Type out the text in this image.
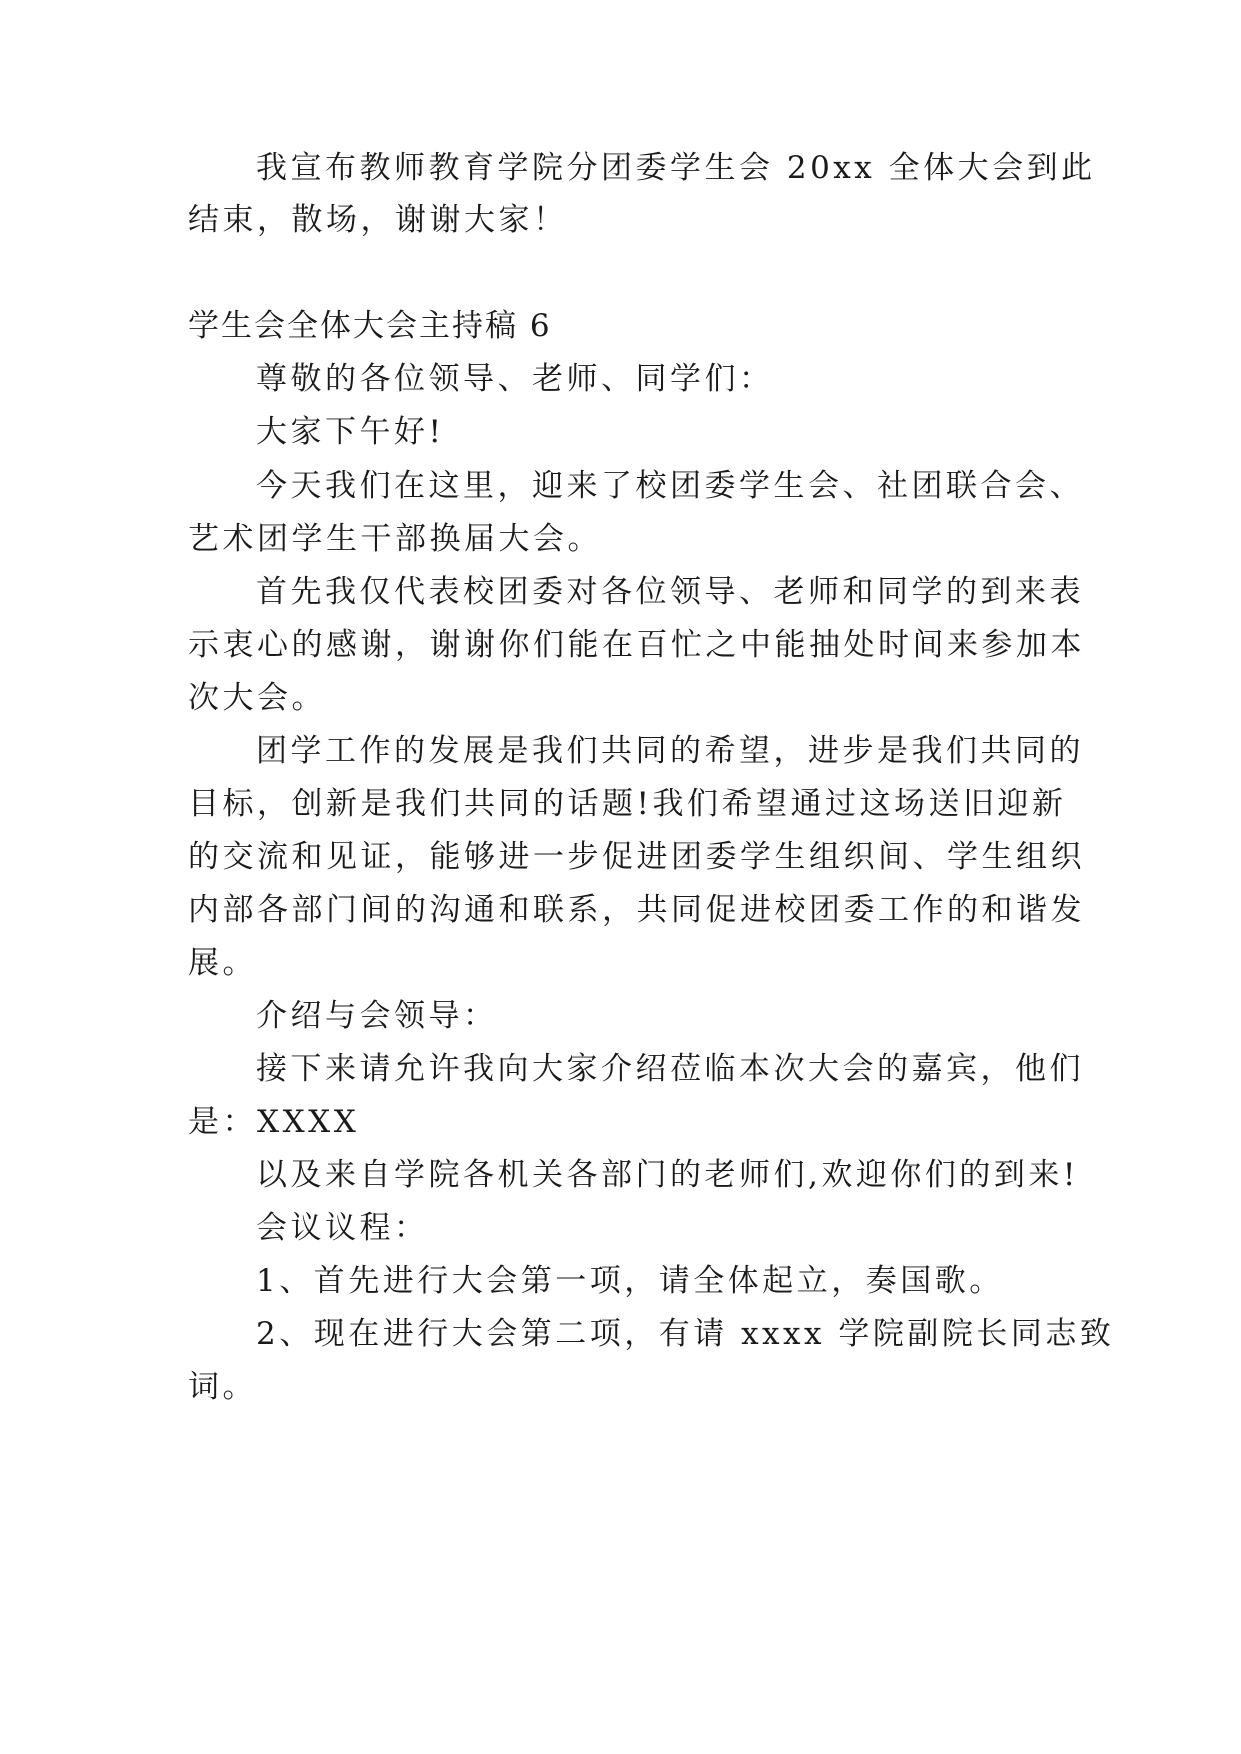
我宣布教师教育学院分团委学生会 20xx 全体大会到此
结束，散场，谢谢大家！
学生会全体大会主持稿 6
尊敬的各位领导、老师、同学们：
大家下午好!
今天我们在这里，迎来了校团委学生会、社团联合会、
艺术团学生干部换届大会。
首先我仅代表校团委对各位领导、老师和同学的到来表
示衷心的感谢，谢谢你们能在百忙之中能抽处时间来参加本
次大会。
团学工作的发展是我们共同的希望，进步是我们共同的
目标，创新是我们共同的话题!我们希望通过这场送旧迎新
的交流和见证，能够进一步促进团委学生组织间、学生组织
内部各部门间的沟通和联系，共同促进校团委工作的和谐发
展。
介绍与会领导：
接下来请允许我向大家介绍莅临本次大会的嘉宾，他们
是：XXXX
以及来自学院各机关各部门的老师们,欢迎你们的到来!
会议议程：
1、首先进行大会第一项，请全体起立，奏国歌。
2、现在进行大会第二项，有请 xxxx 学院副院长同志致
词。
